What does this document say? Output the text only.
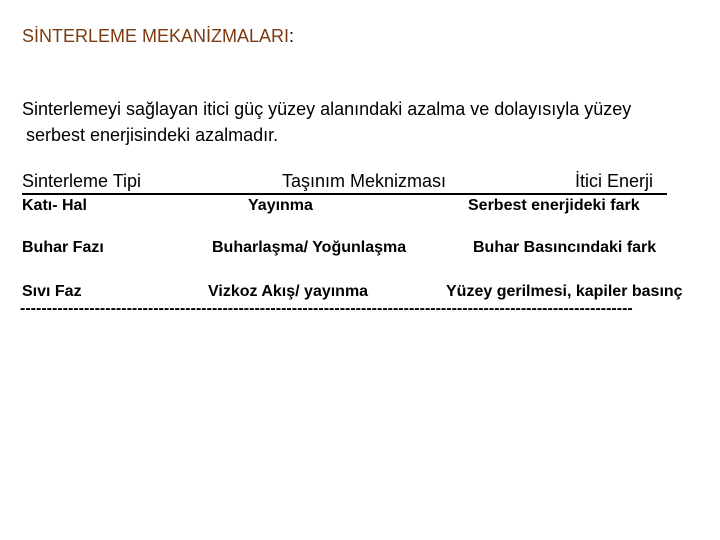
SİNTERLEME MEKANİZMALARI:
Sinterlemeyi sağlayan itici güç yüzey alanındaki azalma ve dolayısıyla yüzey
serbest enerjisindeki azalmadır.
Sinterleme Tipi	Taşınım Meknizması	İtici Enerji
Katı- Hal	Yayınma	Serbest enerjideki fark
Buhar Fazı	Buharlaşma/ Yoğunlaşma	Buhar Basıncındaki fark
Sıvı Faz	Vizkoz Akış/ yayınma	Yüzey gerilmesi, kapiler basınç
-------------------------------------------------------------------------------------------------------------------
